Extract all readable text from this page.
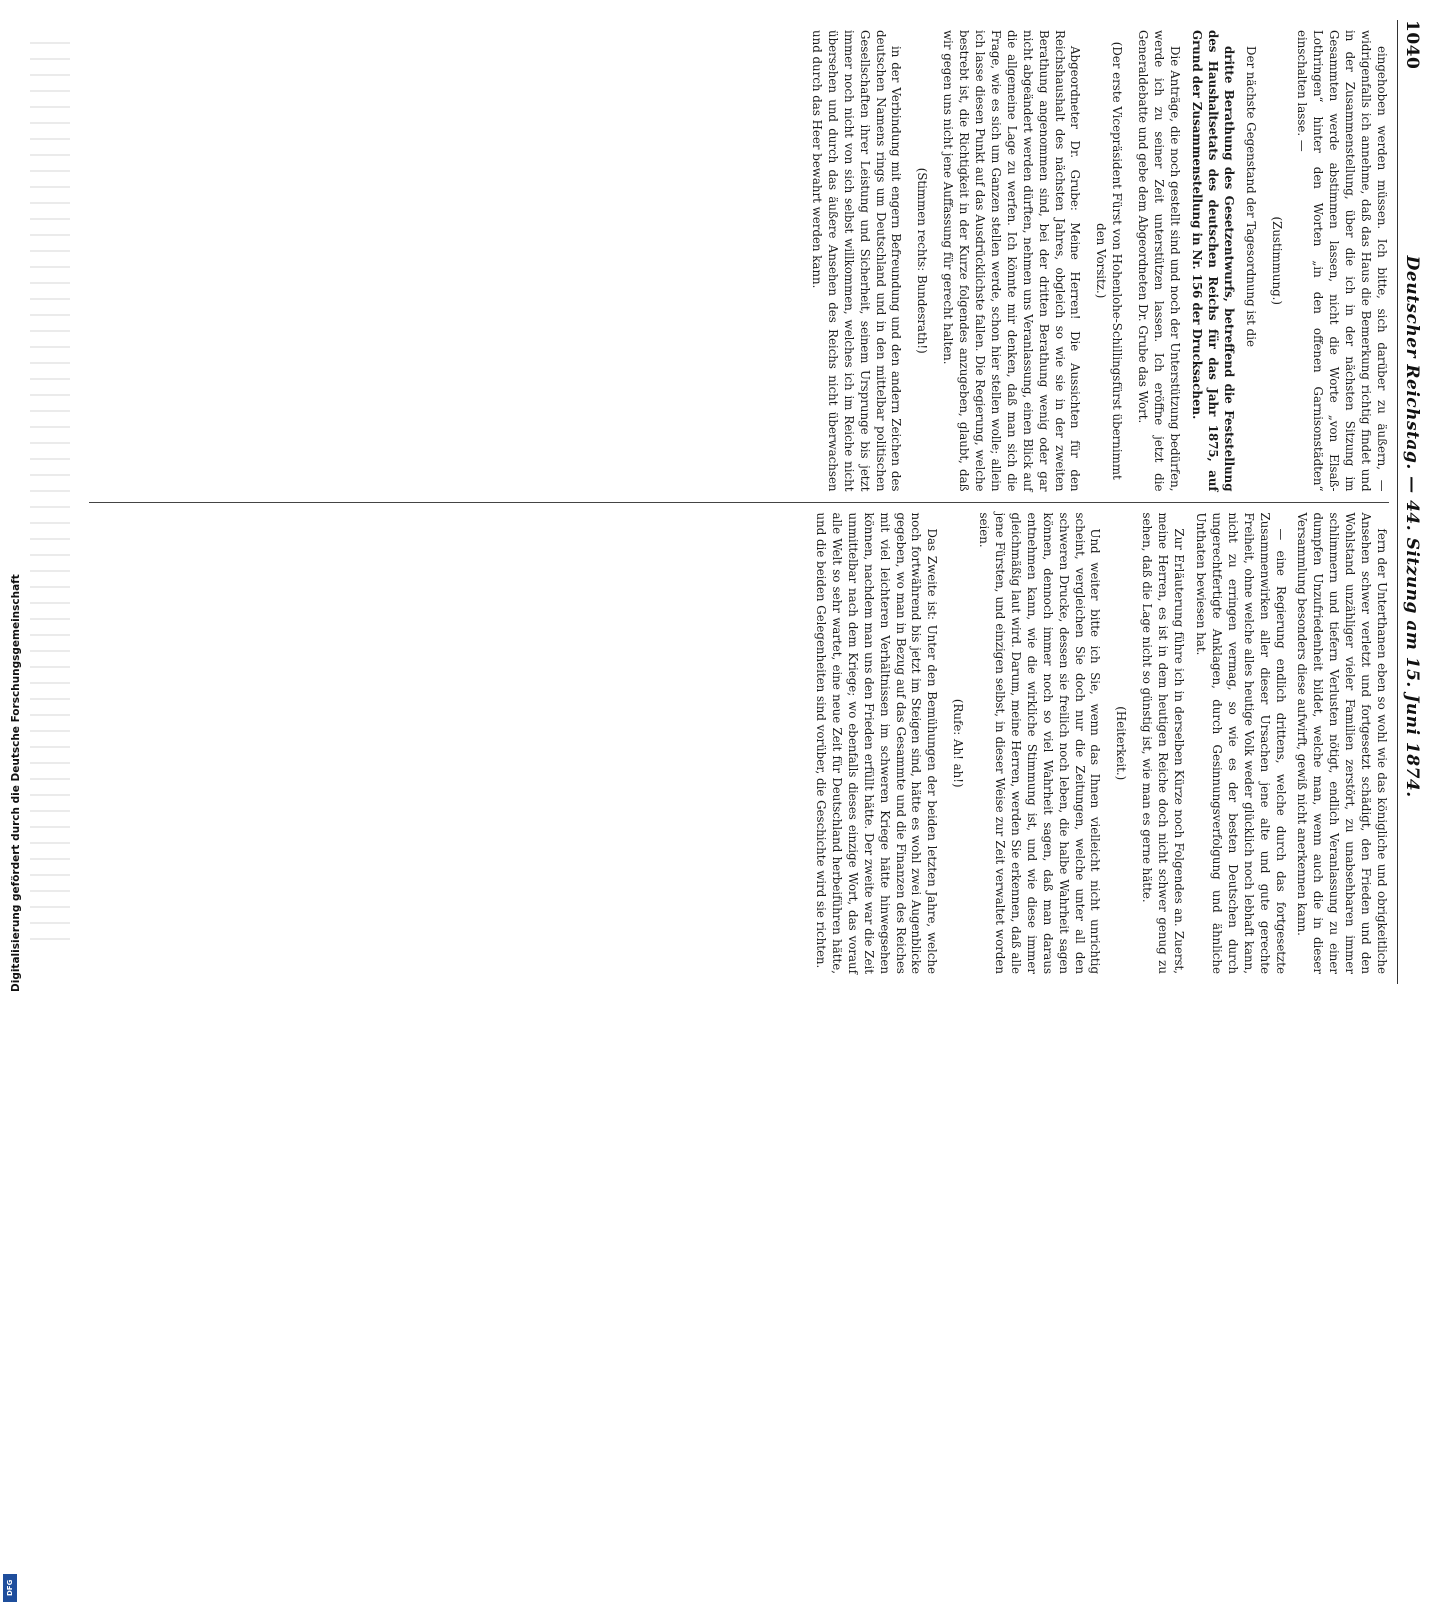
1040
Deutscher Reichstag. — 44. Sitzung am 15. Juni 1874.

eingehoben werden müssen. Ich bitte, sich darüber zu äußern, — widrigenfalls ich annehme, daß das Haus die Bemerkung richtig findet und in der Zusammenstellung, über die ich in der nächsten Sitzung im Gesammten werde abstimmen lassen, nicht die Worte „von Elsaß-Lothringen“ hinter den Worten „in den offenen Garnisonstädten“ einschalten lasse. —

(Zustimmung.)

Der nächste Gegenstand der Tagesordnung ist die

dritte Berathung des Gesetzentwurfs, betreffend die Feststellung des Haushaltsetats des deutschen Reichs für das Jahr 1875, auf Grund der Zusammenstellung in Nr. 156 der Drucksachen.

Die Anträge, die noch gestellt sind und noch der Unterstützung bedürfen, werde ich zu seiner Zeit unterstützen lassen. Ich eröffne jetzt die Generaldebatte und gebe dem Abgeordneten Dr. Grube das Wort.

(Der erste Vicepräsident Fürst von Hohenlohe-Schillingsfürst übernimmt den Vorsitz.)

Abgeordneter Dr. Grube: Meine Herren! Die Aussichten für den Reichshaushalt des nächsten Jahres, obgleich so wie sie in der zweiten Berathung angenommen sind, bei der dritten Berathung wenig oder gar nicht abgeändert werden dürften, nehmen uns Veranlassung, einen Blick auf die allgemeine Lage zu werfen. Ich könnte mir denken, daß man sich die Frage, wie es sich um Ganzen stellen werde, schon hier stellen wolle; allein ich lasse diesen Punkt auf das Ausdrücklichste fallen. Die Regierung, welche bestrebt ist, die Richtigkeit in der Kurze folgendes anzugeben, glaubt, daß wir gegen uns nicht jene Auffassung für gerecht halten.

(Stimmen rechts: Bundesrath!)

in der Verbindung mit engern Befreundung und den andern Zeichen des deutschen Namens rings um Deutschland und in den mittelbar politischen Gesellschaften ihrer Leistung und Sicherheit, seinem Ursprunge bis jetzt immer noch nicht von sich selbst willkommen, welches ich im Reiche nicht übersehen und durch das äußere Ansehen des Reichs nicht überwachsen und durch das Heer bewahrt werden kann.

fern der Unterthanen eben so wohl wie das königliche und obrigkeitliche Ansehen schwer verletzt und fortgesetzt schädigt, den Frieden und den Wohlstand unzähliger vieler Familien zerstört, zu unabsehbaren immer schlimmern und tiefern Verlusten nötigt, endlich Veranlassung zu einer dumpfen Unzufriedenheit bildet, welche man, wenn auch die in dieser Versammlung besonders diese aufwirft, gewiß nicht anerkennen kann.

— eine Regierung endlich drittens, welche durch das fortgesetzte Zusammenwirken aller dieser Ursachen jene alte und gute gerechte Freiheit, ohne welche alles heutige Volk weder glücklich noch lebhaft kann, nicht zu erringen vermag, so wie es der besten Deutschen durch ungerechtfertigte Anklagen, durch Gesinnungsverfolgung und ähnliche Unthaten bewiesen hat.

Zur Erläuterung führe ich in derselben Kürze noch Folgendes an. Zuerst, meine Herren, es ist in dem heutigen Reiche doch nicht schwer genug zu sehen, daß die Lage nicht so günstig ist, wie man es gerne hätte.

(Heiterkeit.)

Und weiter bitte ich Sie, wenn das Ihnen vielleicht nicht unrichtig scheint, vergleichen Sie doch nur die Zeitungen, welche unter all den schweren Drucke, dessen sie freilich noch leben, die halbe Wahrheit sagen können, dennoch immer noch so viel Wahrheit sagen, daß man daraus entnehmen kann, wie die wirkliche Stimmung ist, und wie diese immer gleichmäßig laut wird. Darum, meine Herren, werden Sie erkennen, daß alle jene Fürsten, und einzigen selbst, in dieser Weise zur Zeit verwaltet worden seien.

(Rufe: Ah! ah!)

Das Zweite ist: Unter den Bemühungen der beiden letzten Jahre, welche noch fortwährend bis jetzt im Steigen sind, hätte es wohl zwei Augenblicke gegeben, wo man in Bezug auf das Gesammte und die Finanzen des Reiches mit viel leichteren Verhältnissen im schweren Kriege hätte hinwegsehen können, nachdem man uns den Frieden erfüllt hätte. Der zweite war die Zeit unmittelbar nach dem Kriege; wo ebenfalls dieses einzige Wort, das vorauf alle Welt so sehr wartet, eine neue Zeit für Deutschland herbeiführen hätte, und die beiden Gelegenheiten sind vorüber, die Geschichte wird sie richten.

DFG
Digitalisierung gefördert durch die Deutsche Forschungsgemeinschaft
